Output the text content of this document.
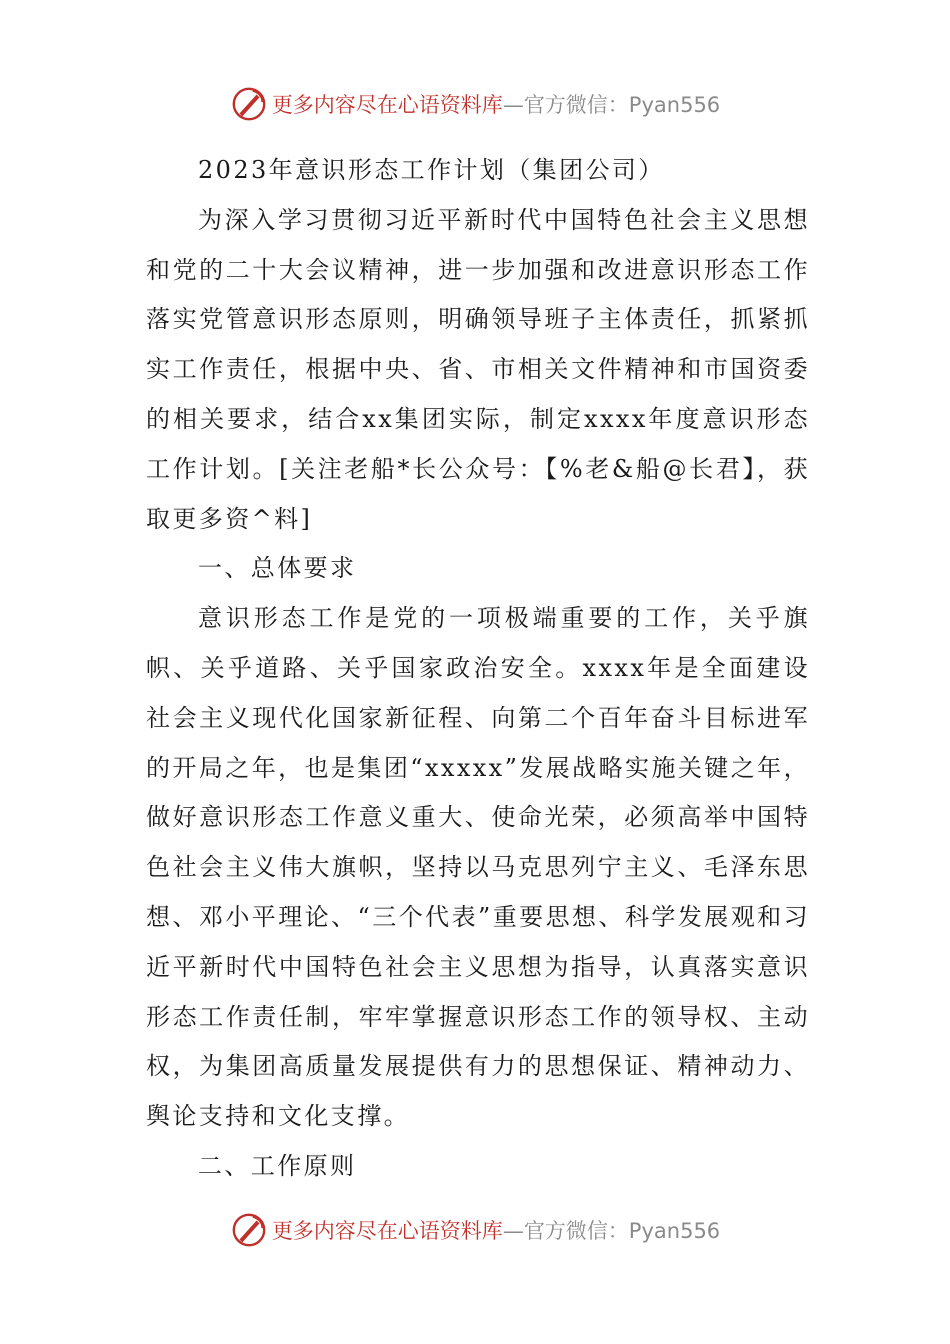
更多内容尽在心语资料库 —官方微信：Pyan556

2023年意识形态工作计划（集团公司）

为深入学习贯彻习近平新时代中国特色社会主义思想和党的二十大会议精神，进一步加强和改进意识形态工作落实党管意识形态原则，明确领导班子主体责任，抓紧抓实工作责任，根据中央、省、市相关文件精神和市国资委的相关要求，结合xx集团实际，制定xxxx年度意识形态工作计划。[关注老船*长公众号：【%老&船@长君】，获取更多资^料]

一、总体要求

意识形态工作是党的一项极端重要的工作，关乎旗帜、关乎道路、关乎国家政治安全。xxxx年是全面建设社会主义现代化国家新征程、向第二个百年奋斗目标进军的开局之年，也是集团“xxxxx”发展战略实施关键之年，做好意识形态工作意义重大、使命光荣，必须高举中国特色社会主义伟大旗帜，坚持以马克思列宁主义、毛泽东思想、邓小平理论、“三个代表”重要思想、科学发展观和习近平新时代中国特色社会主义思想为指导，认真落实意识形态工作责任制，牢牢掌握意识形态工作的领导权、主动权，为集团高质量发展提供有力的思想保证、精神动力、舆论支持和文化支撑。

二、工作原则

更多内容尽在心语资料库 —官方微信：Pyan556
